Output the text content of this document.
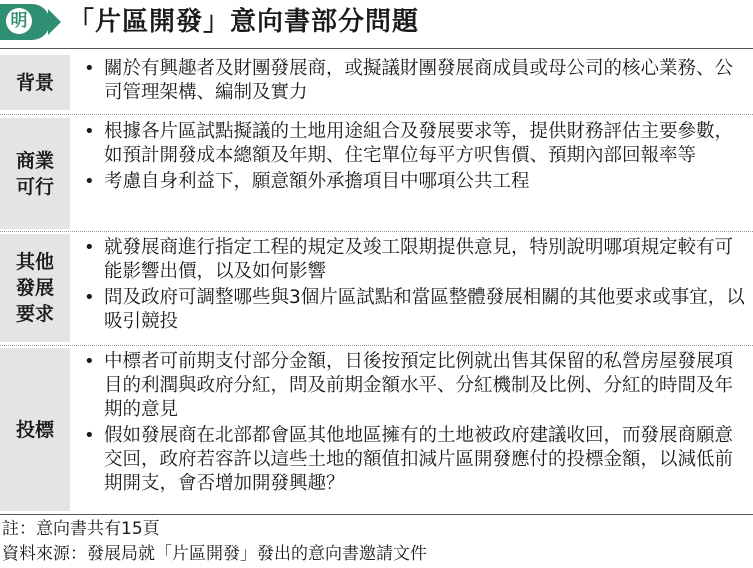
明 「片區開發」意向書部分問題
背景
• 關於有興趣者及財團發展商，或擬議財團發展商成員或母公司的核心業務、公司管理架構、編制及實力
商業可行
• 根據各片區試點擬議的土地用途組合及發展要求等，提供財務評估主要參數，如預計開發成本總額及年期、住宅單位每平方呎售價、預期內部回報率等
• 考慮自身利益下，願意額外承擔項目中哪項公共工程
其他發展要求
• 就發展商進行指定工程的規定及竣工限期提供意見，特別說明哪項規定較有可能影響出價，以及如何影響
• 問及政府可調整哪些與3個片區試點和當區整體發展相關的其他要求或事宜，以吸引競投
投標
• 中標者可前期支付部分金額，日後按預定比例就出售其保留的私營房屋發展項目的利潤與政府分紅，問及前期金額水平、分紅機制及比例、分紅的時間及年期的意見
• 假如發展商在北部都會區其他地區擁有的土地被政府建議收回，而發展商願意交回，政府若容許以這些土地的額值扣減片區開發應付的投標金額，以減低前期開支，會否增加開發興趣？
註：意向書共有15頁
資料來源：發展局就「片區開發」發出的意向書邀請文件
